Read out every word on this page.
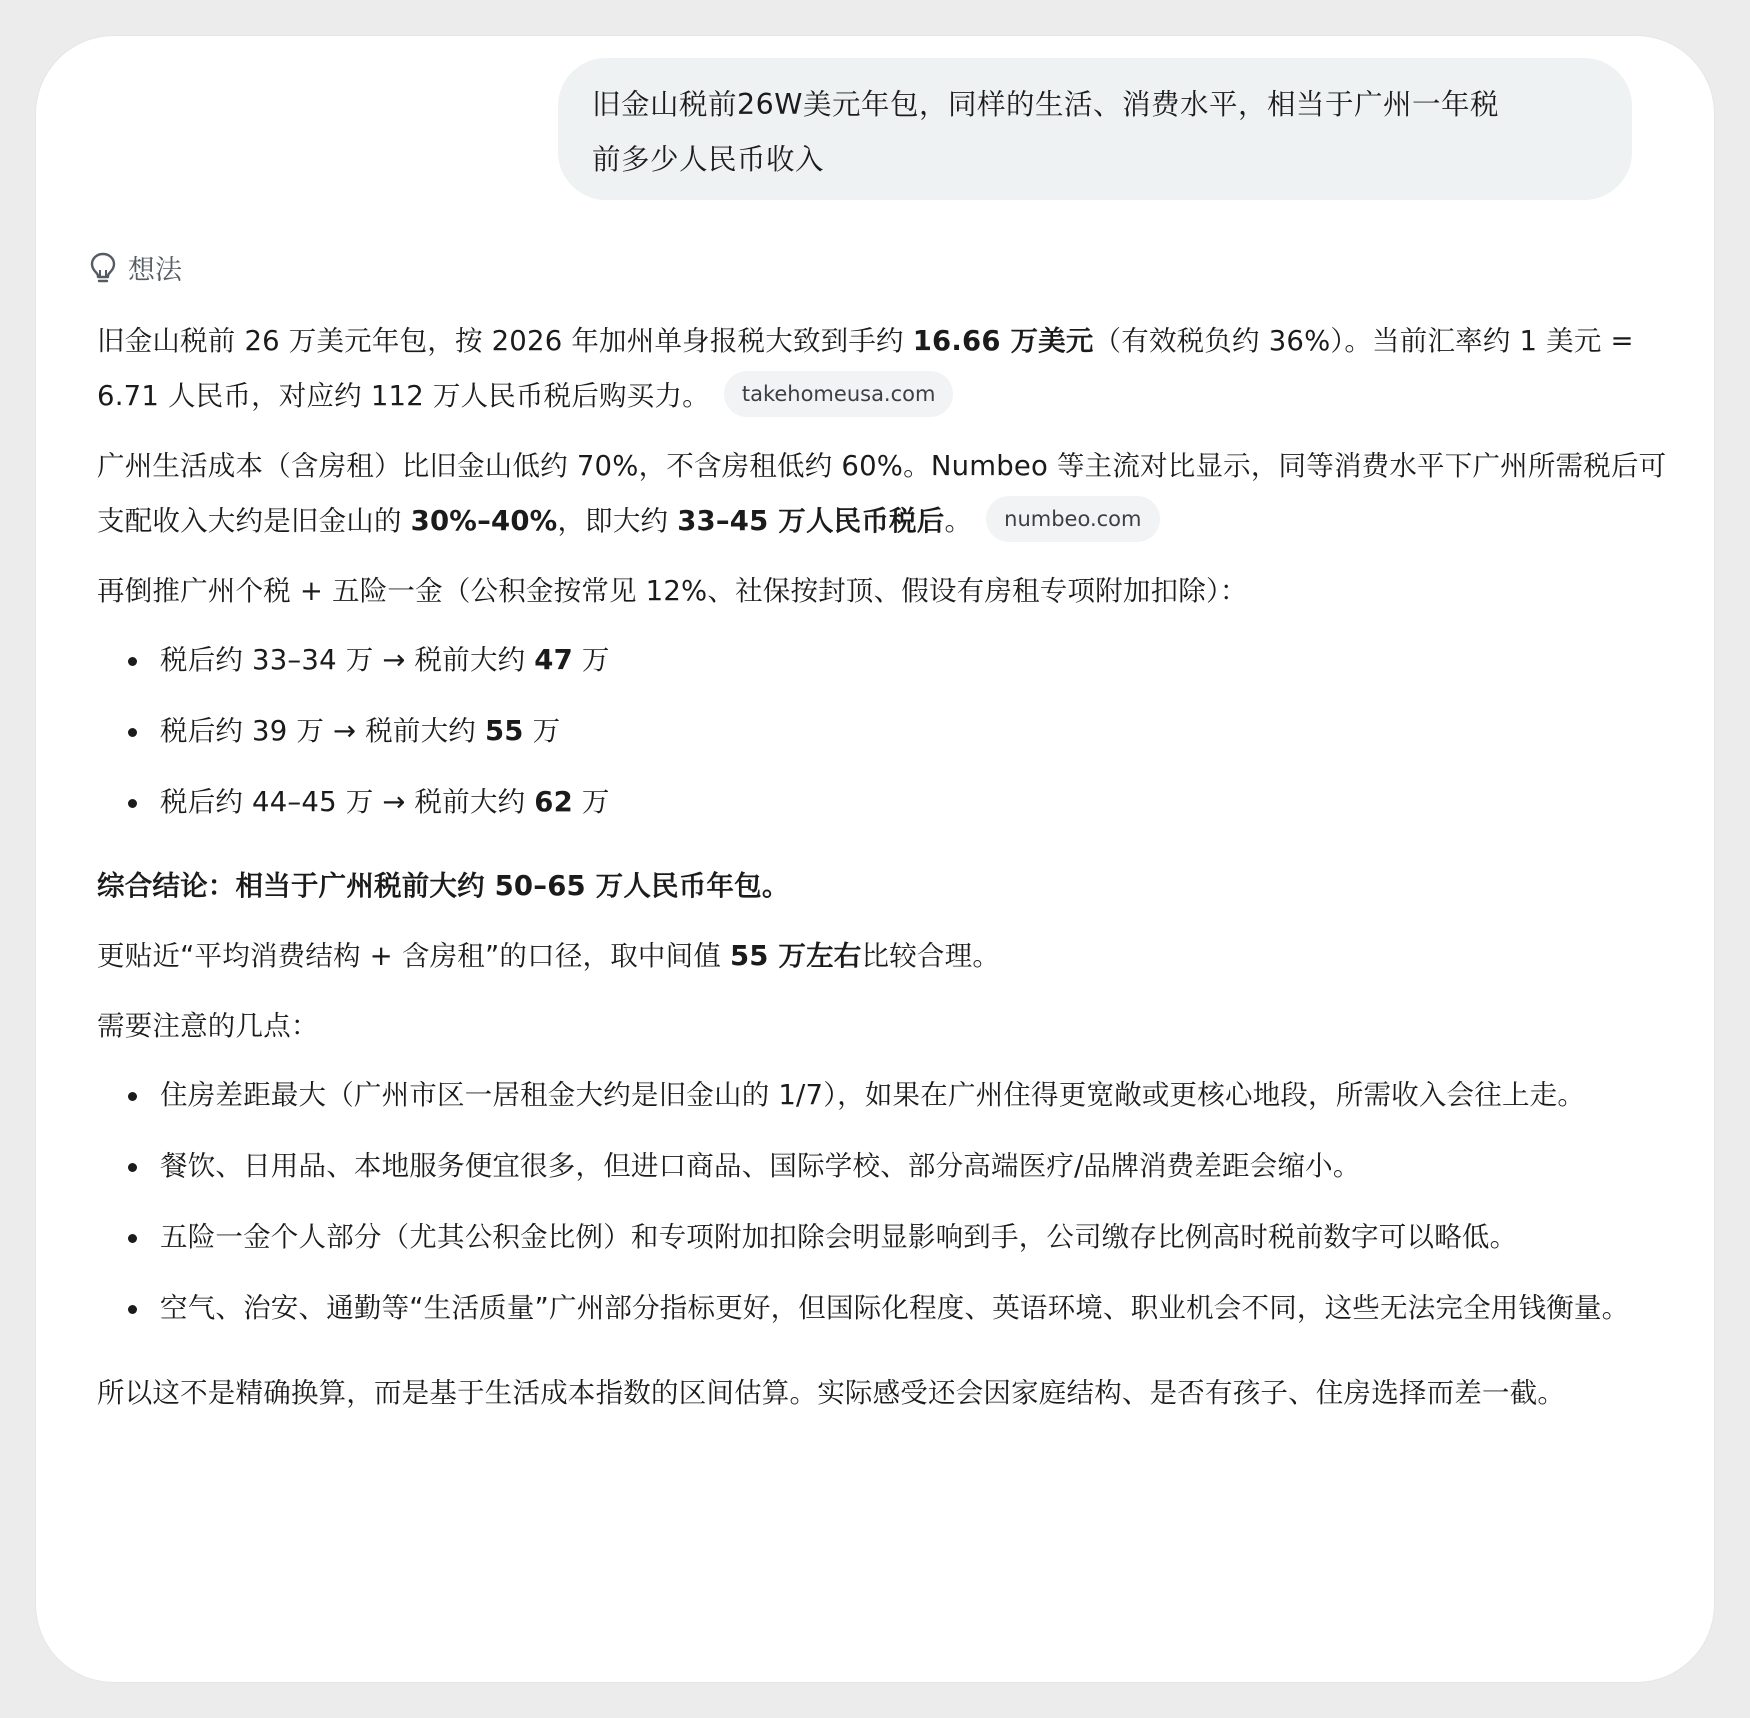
旧金山税前26W美元年包，同样的生活、消费水平，相当于广州一年税
前多少人民币收入
想法

旧金山税前 26 万美元年包，按 2026 年加州单身报税大致到手约 16.66 万美元（有效税负约 36%）。当前汇率约 1 美元 = 6.71 人民币，对应约 112 万人民币税后购买力。 takehomeusa.com

广州生活成本（含房租）比旧金山低约 70%，不含房租低约 60%。Numbeo 等主流对比显示，同等消费水平下广州所需税后可支配收入大约是旧金山的 30%–40%，即大约 33–45 万人民币税后。 numbeo.com

再倒推广州个税 + 五险一金（公积金按常见 12%、社保按封顶、假设有房租专项附加扣除）：

税后约 33–34 万 → 税前大约 47 万
税后约 39 万 → 税前大约 55 万
税后约 44–45 万 → 税前大约 62 万

综合结论：相当于广州税前大约 50–65 万人民币年包。

更贴近“平均消费结构 + 含房租”的口径，取中间值 55 万左右比较合理。

需要注意的几点：

住房差距最大（广州市区一居租金大约是旧金山的 1/7），如果在广州住得更宽敞或更核心地段，所需收入会往上走。
餐饮、日用品、本地服务便宜很多，但进口商品、国际学校、部分高端医疗/品牌消费差距会缩小。
五险一金个人部分（尤其公积金比例）和专项附加扣除会明显影响到手，公司缴存比例高时税前数字可以略低。
空气、治安、通勤等“生活质量”广州部分指标更好，但国际化程度、英语环境、职业机会不同，这些无法完全用钱衡量。

所以这不是精确换算，而是基于生活成本指数的区间估算。实际感受还会因家庭结构、是否有孩子、住房选择而差一截。
